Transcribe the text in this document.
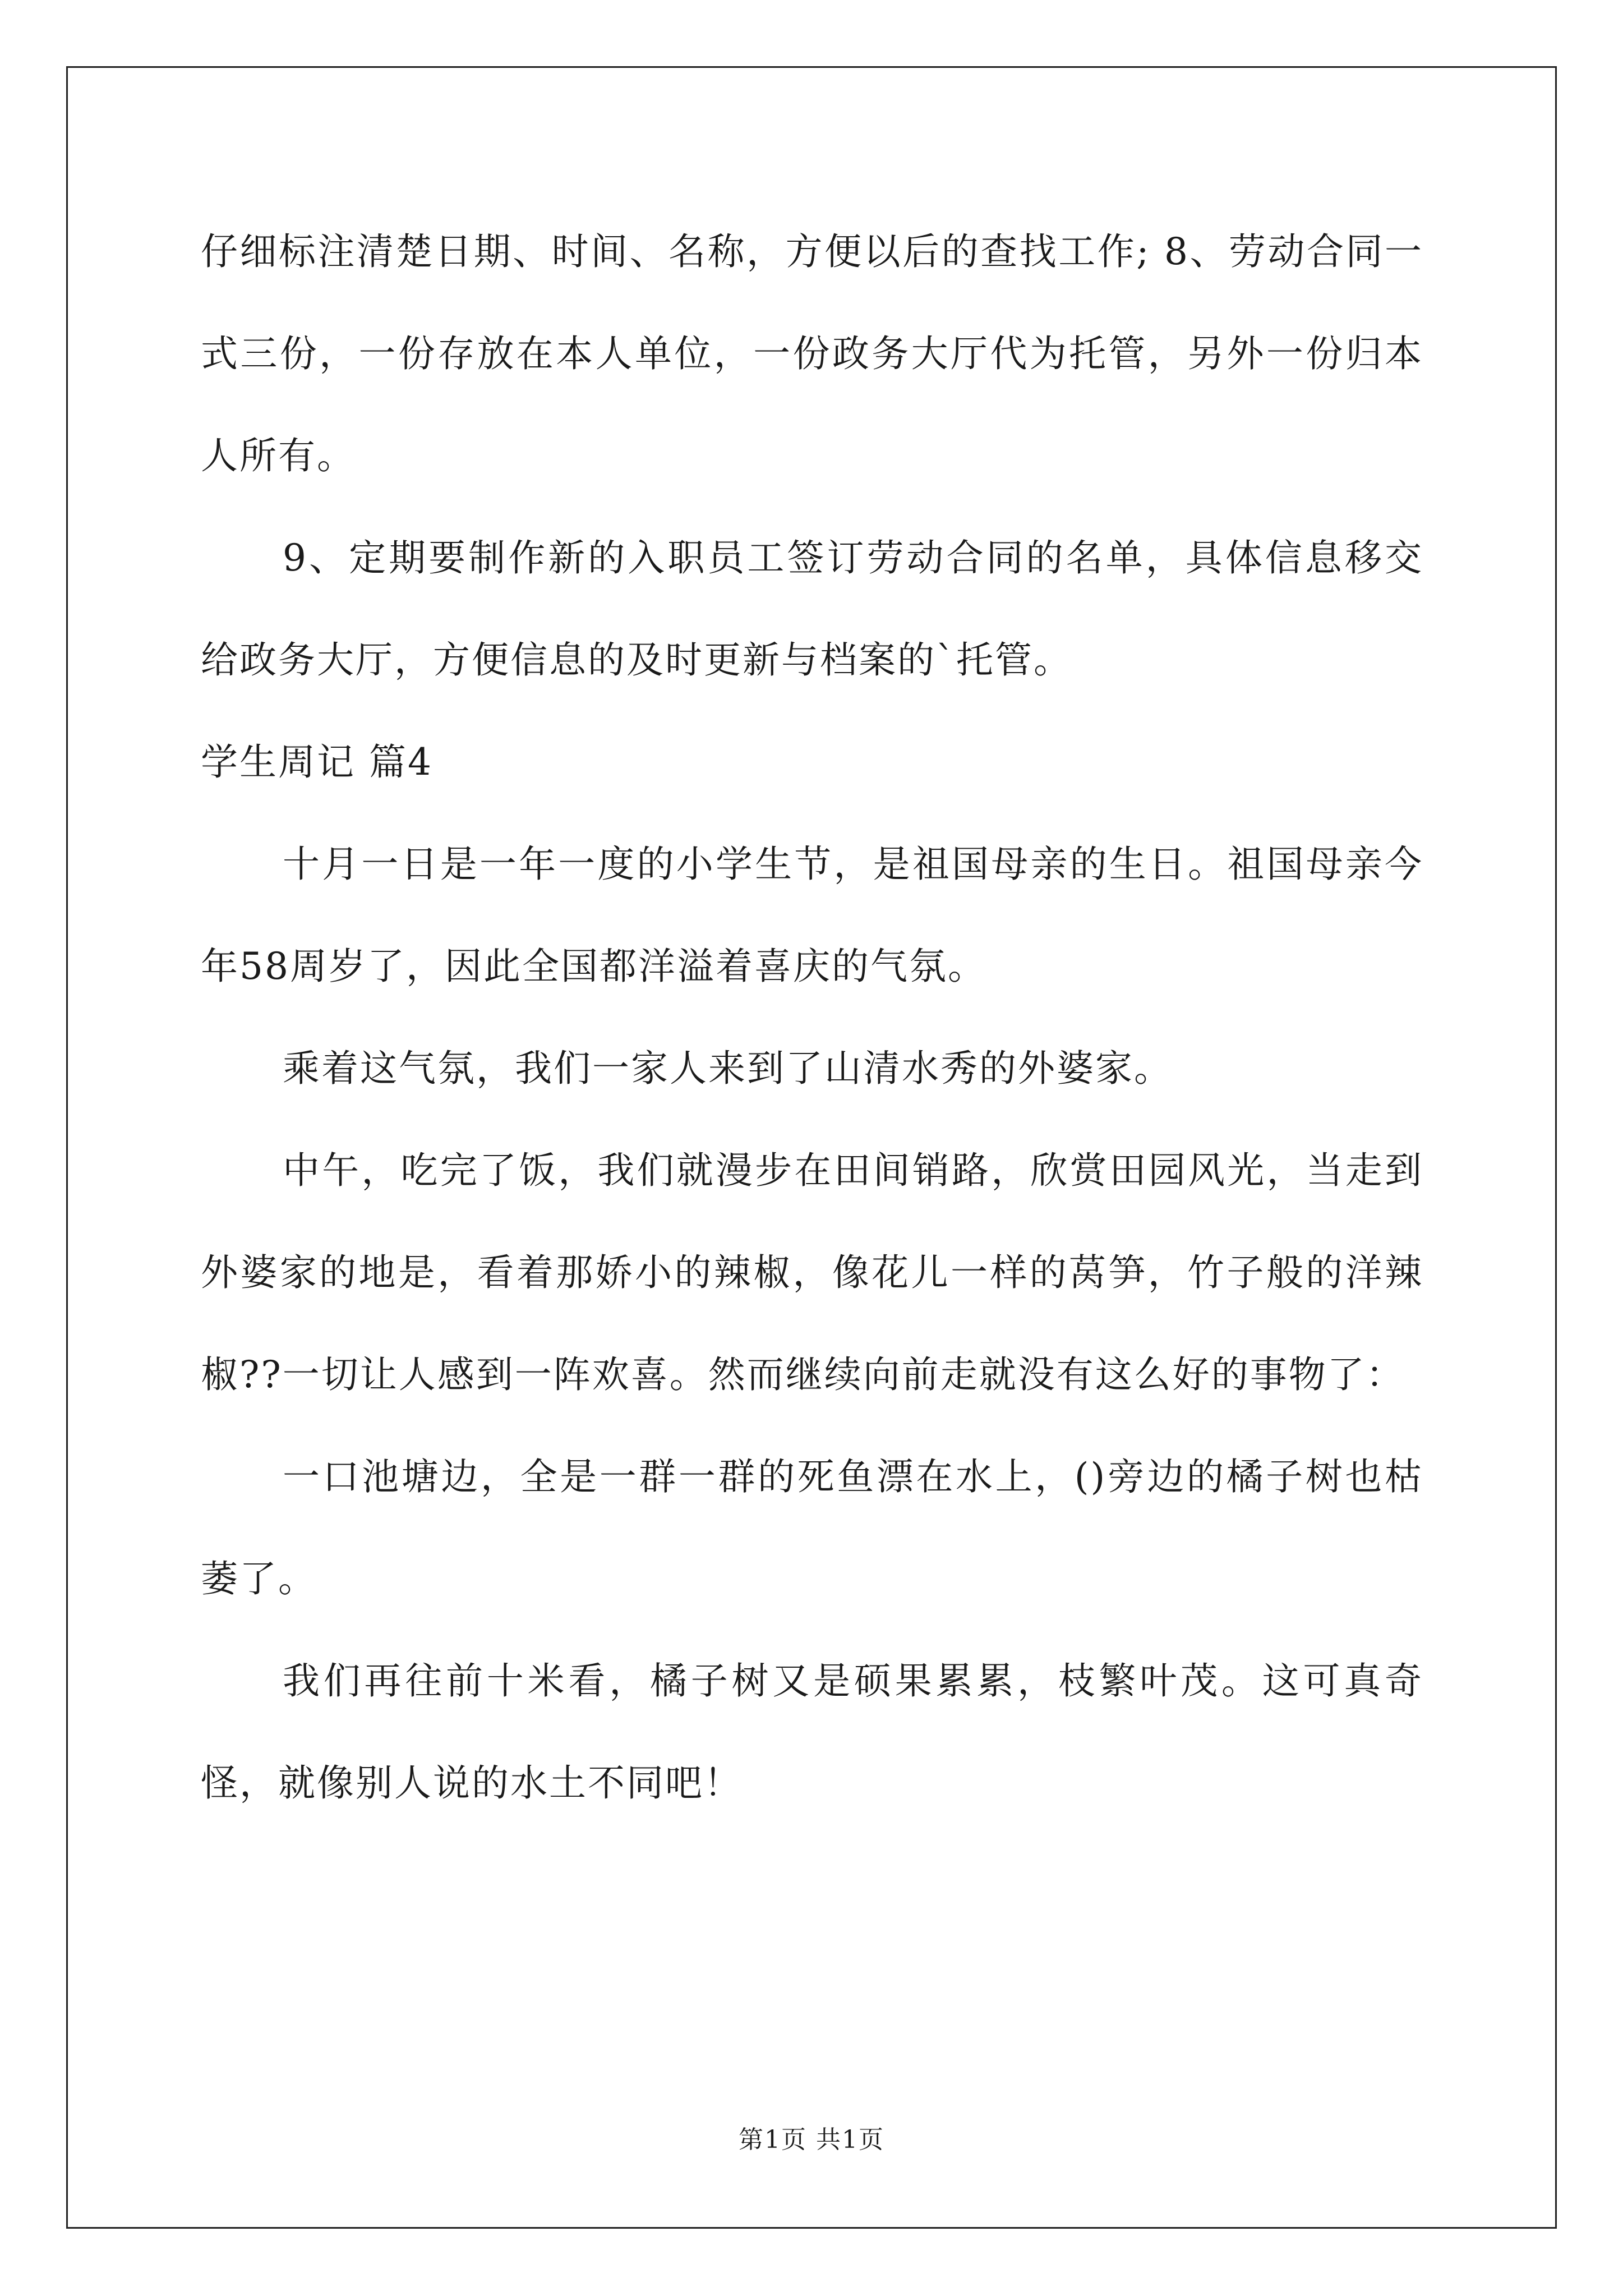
仔细标注清楚日期、时间、名称，方便以后的查找工作; 8、劳动合同一式三份，一份存放在本人单位，一份政务大厅代为托管，另外一份归本人所有。

9、定期要制作新的入职员工签订劳动合同的名单，具体信息移交给政务大厅，方便信息的及时更新与档案的`托管。

学生周记 篇4

十月一日是一年一度的小学生节，是祖国母亲的生日。祖国母亲今年58周岁了，因此全国都洋溢着喜庆的气氛。

乘着这气氛，我们一家人来到了山清水秀的外婆家。

中午，吃完了饭，我们就漫步在田间销路，欣赏田园风光，当走到外婆家的地是，看着那娇小的辣椒，像花儿一样的莴笋，竹子般的洋辣椒??一切让人感到一阵欢喜。然而继续向前走就没有这么好的事物了：

一口池塘边，全是一群一群的死鱼漂在水上，()旁边的橘子树也枯萎了。

我们再往前十米看，橘子树又是硕果累累，枝繁叶茂。这可真奇怪，就像别人说的水土不同吧！

第1页 共1页
